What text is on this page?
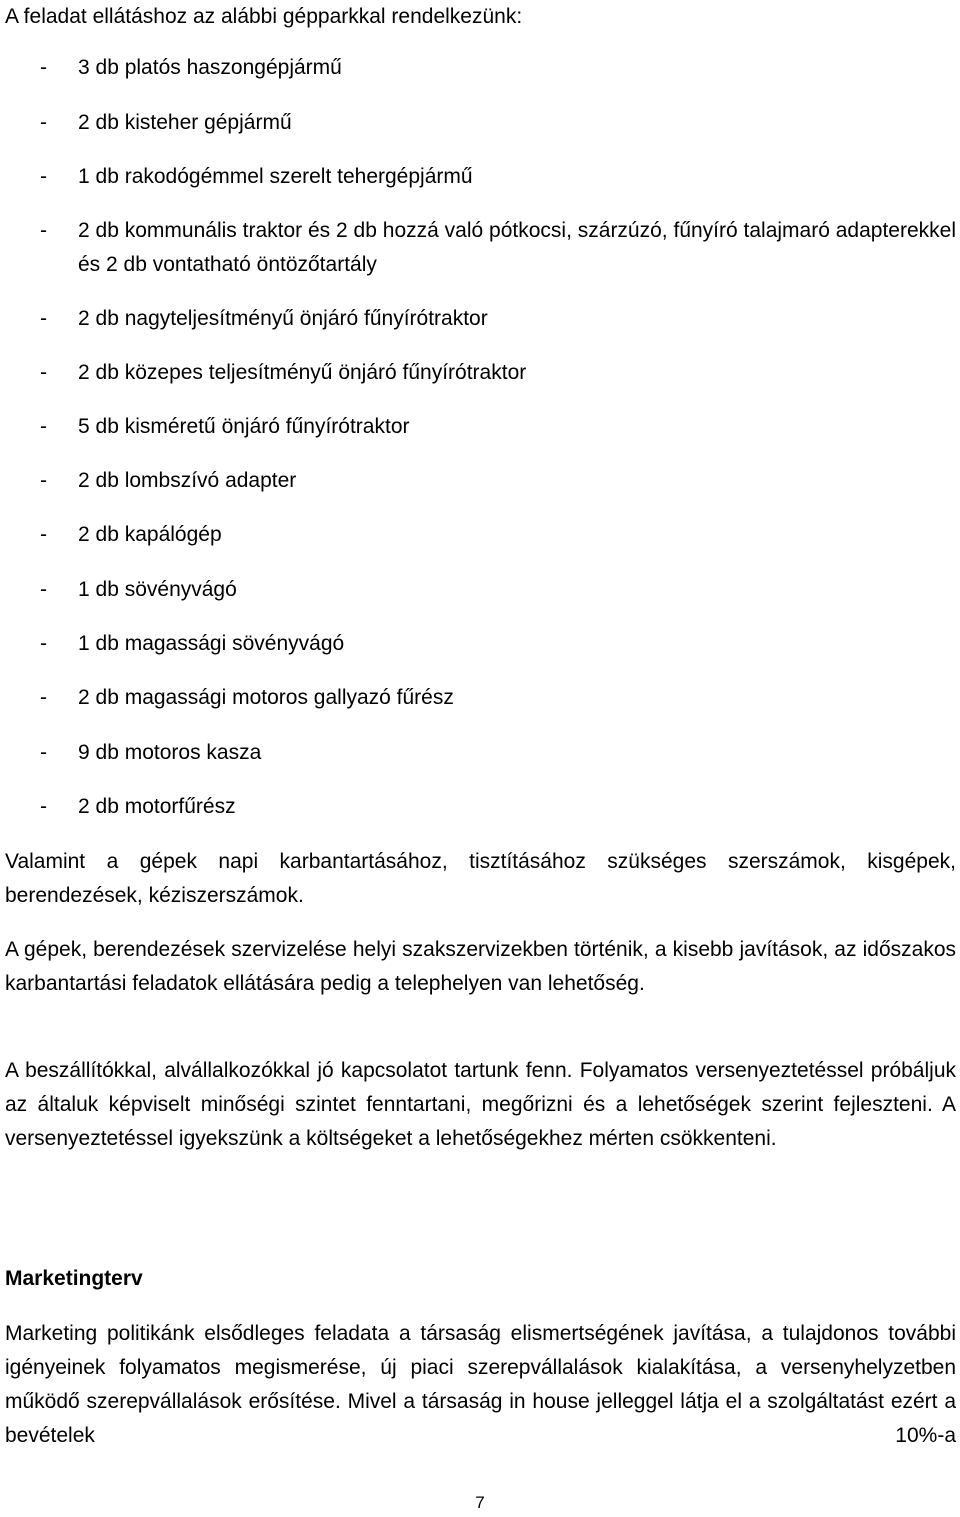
A feladat ellátáshoz az alábbi gépparkkal rendelkezünk:
- 3 db platós haszongépjármű
- 2 db kisteher gépjármű
- 1 db rakodógémmel szerelt tehergépjármű
- 2 db kommunális traktor és 2 db hozzá való pótkocsi, szárzúzó, fűnyíró talajmaró adapterekkel és 2 db vontatható öntözőtartály
- 2 db nagyteljesítményű önjáró fűnyírótraktor
- 2 db közepes teljesítményű önjáró fűnyírótraktor
- 5 db kisméretű önjáró fűnyírótraktor
- 2 db lombszívó adapter
- 2 db kapálógép
- 1 db sövényvágó
- 1 db magassági sövényvágó
- 2 db magassági motoros gallyazó fűrész
- 9 db motoros kasza
- 2 db motorfűrész

Valamint a gépek napi karbantartásához, tisztításához szükséges szerszámok, kisgépek, berendezések, kéziszerszámok.

A gépek, berendezések szervizelése helyi szakszervizekben történik, a kisebb javítások, az időszakos karbantartási feladatok ellátására pedig a telephelyen van lehetőség.

A beszállítókkal, alvállalkozókkal jó kapcsolatot tartunk fenn. Folyamatos versenyeztetéssel próbáljuk az általuk képviselt minőségi szintet fenntartani, megőrizni és a lehetőségek szerint fejleszteni. A versenyeztetéssel igyekszünk a költségeket a lehetőségekhez mérten csökkenteni.

Marketingterv

Marketing politikánk elsődleges feladata a társaság elismertségének javítása, a tulajdonos további igényeinek folyamatos megismerése, új piaci szerepvállalások kialakítása, a versenyhelyzetben működő szerepvállalások erősítése. Mivel a társaság in house jelleggel látja el a szolgáltatást ezért a bevételek 10%-a

7
